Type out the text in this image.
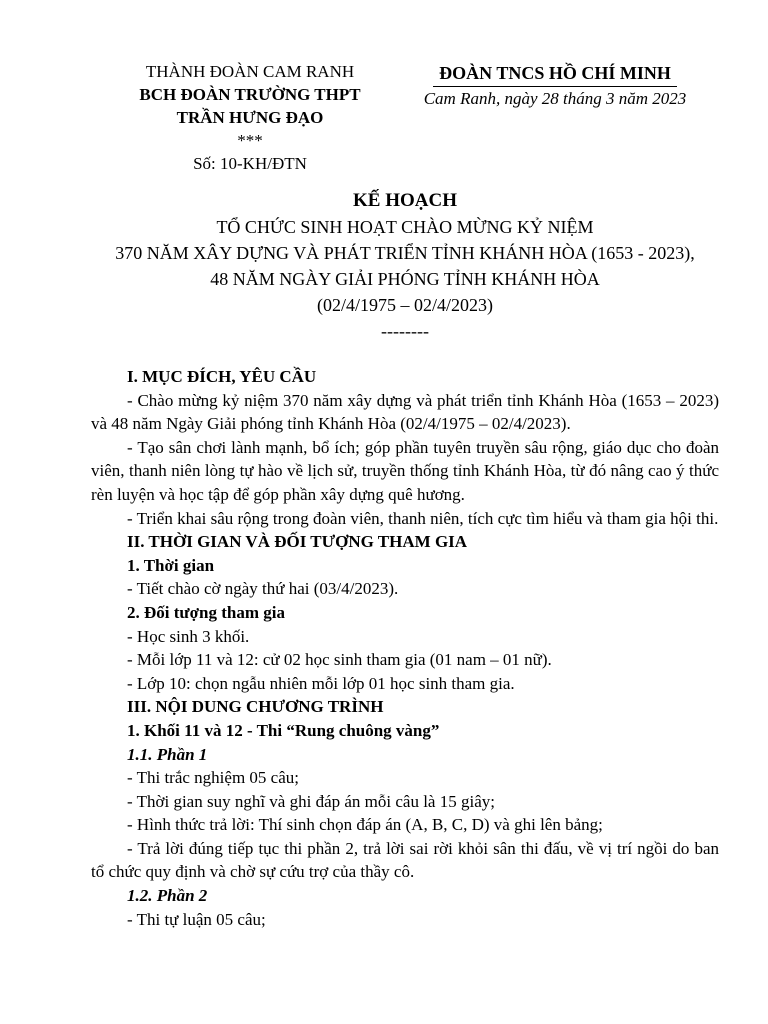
THÀNH ĐOÀN CAM RANH
BCH ĐOÀN TRƯỜNG THPT
TRẦN HƯNG ĐẠO
***
Số: 10-KH/ĐTN
ĐOÀN TNCS HỒ CHÍ MINH
Cam Ranh, ngày 28 tháng 3 năm 2023
KẾ HOẠCH
TỔ CHỨC SINH HOẠT CHÀO MỪNG KỶ NIỆM
370 NĂM XÂY DỰNG VÀ PHÁT TRIỂN TỈNH KHÁNH HÒA (1653 - 2023),
48 NĂM NGÀY GIẢI PHÓNG TỈNH KHÁNH HÒA
(02/4/1975 – 02/4/2023)
--------

I. MỤC ĐÍCH, YÊU CẦU

- Chào mừng kỷ niệm 370 năm xây dựng và phát triển tỉnh Khánh Hòa (1653 – 2023) và 48 năm Ngày Giải phóng tỉnh Khánh Hòa (02/4/1975 – 02/4/2023).

- Tạo sân chơi lành mạnh, bổ ích; góp phần tuyên truyền sâu rộng, giáo dục cho đoàn viên, thanh niên lòng tự hào về lịch sử, truyền thống tỉnh Khánh Hòa, từ đó nâng cao ý thức rèn luyện và học tập để góp phần xây dựng quê hương.

- Triển khai sâu rộng trong đoàn viên, thanh niên, tích cực tìm hiểu và tham gia hội thi.

II. THỜI GIAN VÀ ĐỐI TƯỢNG THAM GIA

1. Thời gian

- Tiết chào cờ ngày thứ hai (03/4/2023).

2. Đối tượng tham gia

- Học sinh 3 khối.

- Mỗi lớp 11 và 12: cử 02 học sinh tham gia (01 nam – 01 nữ).

- Lớp 10: chọn ngẫu nhiên mỗi lớp 01 học sinh tham gia.

III. NỘI DUNG CHƯƠNG TRÌNH

1. Khối 11 và 12 - Thi “Rung chuông vàng”

1.1. Phần 1

- Thi trắc nghiệm 05 câu;

- Thời gian suy nghĩ và ghi đáp án mỗi câu là 15 giây;

- Hình thức trả lời: Thí sinh chọn đáp án (A, B, C, D) và ghi lên bảng;

- Trả lời đúng tiếp tục thi phần 2, trả lời sai rời khỏi sân thi đấu, về vị trí ngồi do ban tổ chức quy định và chờ sự cứu trợ của thầy cô.

1.2. Phần 2

- Thi tự luận 05 câu;
